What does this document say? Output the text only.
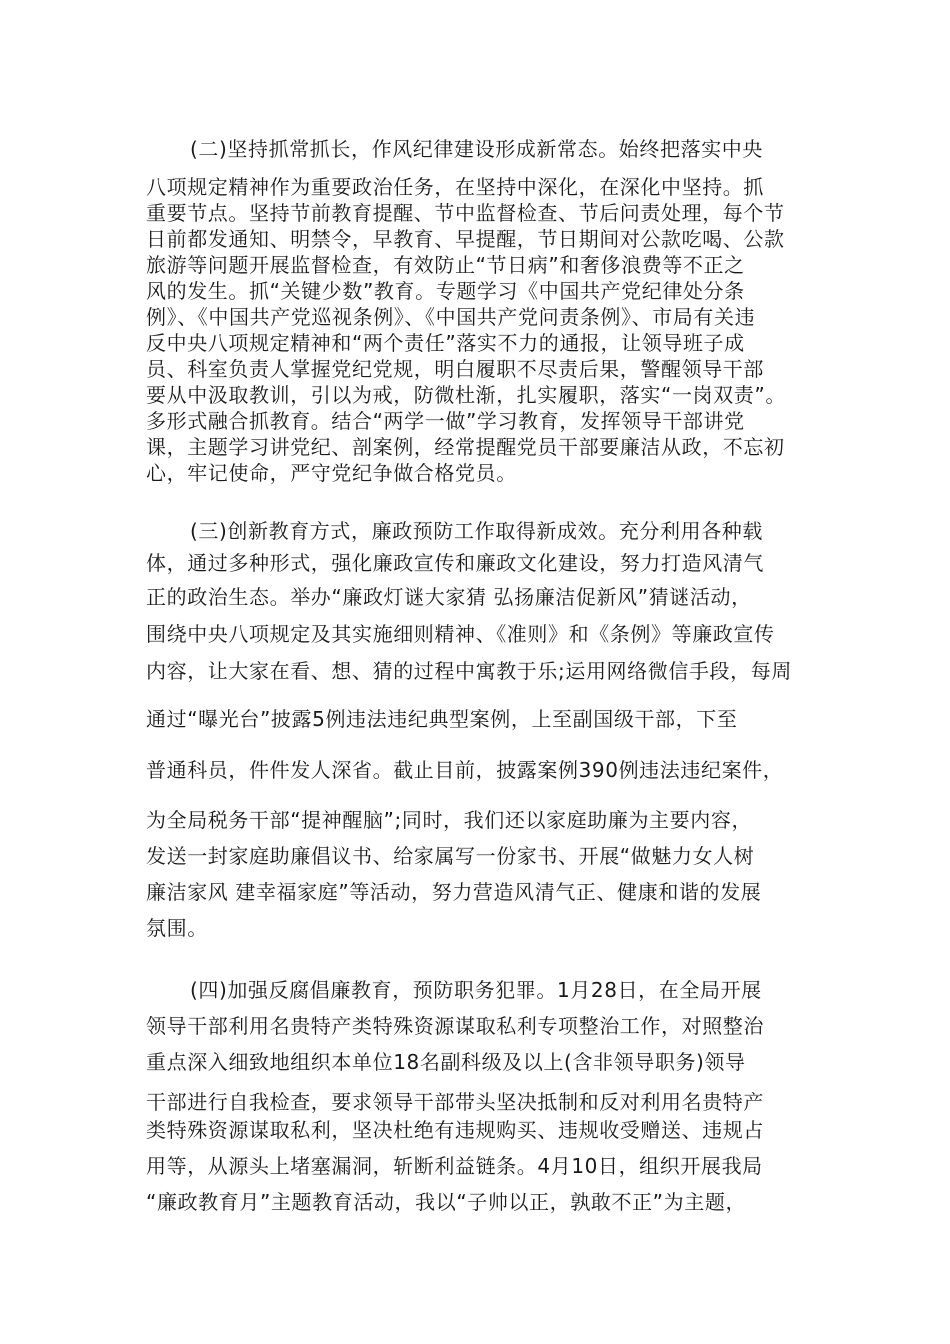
(二)坚持抓常抓长，作风纪律建设形成新常态。始终把落实中央
八项规定精神作为重要政治任务，在坚持中深化，在深化中坚持。抓
重要节点。坚持节前教育提醒、节中监督检查、节后问责处理，每个节
日前都发通知、明禁令，早教育、早提醒，节日期间对公款吃喝、公款
旅游等问题开展监督检查，有效防止“节日病”和奢侈浪费等不正之
风的发生。抓“关键少数”教育。专题学习《中国共产党纪律处分条
例》、《中国共产党巡视条例》、《中国共产党问责条例》、市局有关违
反中央八项规定精神和“两个责任”落实不力的通报，让领导班子成
员、科室负责人掌握党纪党规，明白履职不尽责后果，警醒领导干部
要从中汲取教训，引以为戒，防微杜渐，扎实履职，落实“一岗双责”。
多形式融合抓教育。结合“两学一做”学习教育，发挥领导干部讲党
课，主题学习讲党纪、剖案例，经常提醒党员干部要廉洁从政，不忘初
心，牢记使命，严守党纪争做合格党员。
(三)创新教育方式，廉政预防工作取得新成效。充分利用各种载
体，通过多种形式，强化廉政宣传和廉政文化建设，努力打造风清气
正的政治生态。举办“廉政灯谜大家猜 弘扬廉洁促新风”猜谜活动，
围绕中央八项规定及其实施细则精神、《准则》和《条例》等廉政宣传
内容，让大家在看、想、猜的过程中寓教于乐;运用网络微信手段，每周
通过“曝光台”披露5例违法违纪典型案例，上至副国级干部，下至
普通科员，件件发人深省。截止目前，披露案例390例违法违纪案件，
为全局税务干部“提神醒脑”;同时，我们还以家庭助廉为主要内容，
发送一封家庭助廉倡议书、给家属写一份家书、开展“做魅力女人树
廉洁家风 建幸福家庭”等活动，努力营造风清气正、健康和谐的发展
氛围。
(四)加强反腐倡廉教育，预防职务犯罪。1月28日，在全局开展
领导干部利用名贵特产类特殊资源谋取私利专项整治工作，对照整治
重点深入细致地组织本单位18名副科级及以上(含非领导职务)领导
干部进行自我检查，要求领导干部带头坚决抵制和反对利用名贵特产
类特殊资源谋取私利，坚决杜绝有违规购买、违规收受赠送、违规占
用等，从源头上堵塞漏洞，斩断利益链条。4月10日，组织开展我局
“廉政教育月”主题教育活动，我以“子帅以正，孰敢不正”为主题，
